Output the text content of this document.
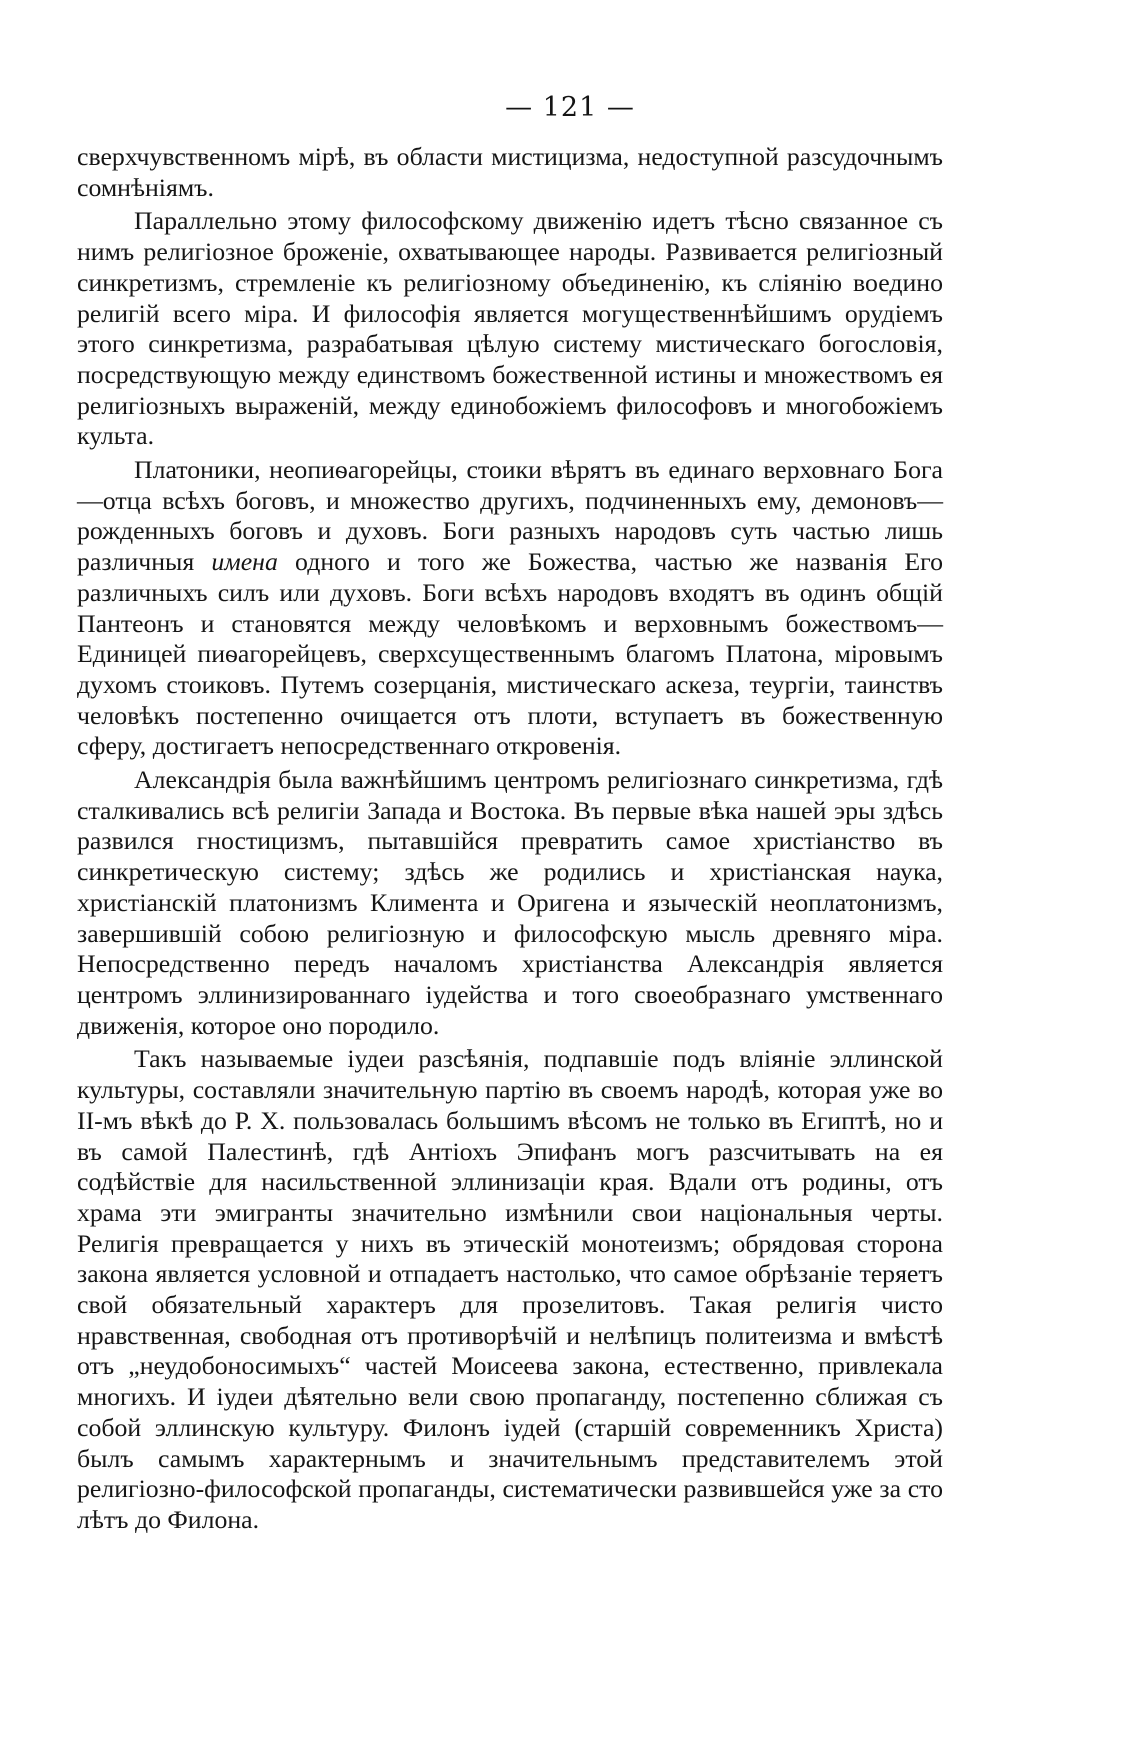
— 121 —

сверхчувственномъ мірѣ, въ области мистицизма, недоступной разсудочнымъ сомнѣніямъ.

Параллельно этому философскому движенію идетъ тѣсно связанное съ нимъ религіозное броженіе, охватывающее народы. Развивается религіозный синкретизмъ, стремленіе къ религіозному объединенію, къ сліянію воедино религій всего міра. И философія является могущественнѣйшимъ орудіемъ этого синкретизма, разрабатывая цѣлую систему мистическаго богословія, посредствующую между единствомъ божественной истины и множествомъ ея религіозныхъ выраженій, между единобожіемъ философовъ и многобожіемъ культа.

Платоники, неопиѳагорейцы, стоики вѣрятъ въ единаго верховнаго Бога—отца всѣхъ боговъ, и множество другихъ, подчиненныхъ ему, демоновъ—рожденныхъ боговъ и духовъ. Боги разныхъ народовъ суть частью лишь различныя имена одного и того же Божества, частью же названія Его различныхъ силъ или духовъ. Боги всѣхъ народовъ входятъ въ одинъ общій Пантеонъ и становятся между человѣкомъ и верховнымъ божествомъ—Единицей пиѳагорейцевъ, сверхсущественнымъ благомъ Платона, міровымъ духомъ стоиковъ. Путемъ созерцанія, мистическаго аскеза, теургіи, таинствъ человѣкъ постепенно очищается отъ плоти, вступаетъ въ божественную сферу, достигаетъ непосредственнаго откровенія.

Александрія была важнѣйшимъ центромъ религіознаго синкретизма, гдѣ сталкивались всѣ религіи Запада и Востока. Въ первые вѣка нашей эры здѣсь развился гностицизмъ, пытавшійся превратить самое христіанство въ синкретическую систему; здѣсь же родились и христіанская наука, христіанскій платонизмъ Климента и Оригена и языческій неоплатонизмъ, завершившій собою религіозную и философскую мысль древняго міра. Непосредственно передъ началомъ христіанства Александрія является центромъ эллинизированнаго іудейства и того своеобразнаго умственнаго движенія, которое оно породило.

Такъ называемые іудеи разсѣянія, подпавшіе подъ вліяніе эллинской культуры, составляли значительную партію въ своемъ народѣ, которая уже во II-мъ вѣкѣ до Р. Х. пользовалась большимъ вѣсомъ не только въ Египтѣ, но и въ самой Палестинѣ, гдѣ Антіохъ Эпифанъ могъ разсчитывать на ея содѣйствіе для насильственной эллинизаціи края. Вдали отъ родины, отъ храма эти эмигранты значительно измѣнили свои національныя черты. Религія превращается у нихъ въ этическій монотеизмъ; обрядовая сторона закона является условной и отпадаетъ настолько, что самое обрѣзаніе теряетъ свой обязательный характеръ для прозелитовъ. Такая религія чисто нравственная, свободная отъ противорѣчій и нелѣпицъ политеизма и вмѣстѣ отъ „неудобоносимыхъ“ частей Моисеева закона, естественно, привлекала многихъ. И іудеи дѣятельно вели свою пропаганду, постепенно сближая съ собой эллинскую культуру. Филонъ іудей (старшій современникъ Христа) былъ самымъ характернымъ и значительнымъ представителемъ этой религіозно-философской пропаганды, систематически развившейся уже за сто лѣтъ до Филона.
